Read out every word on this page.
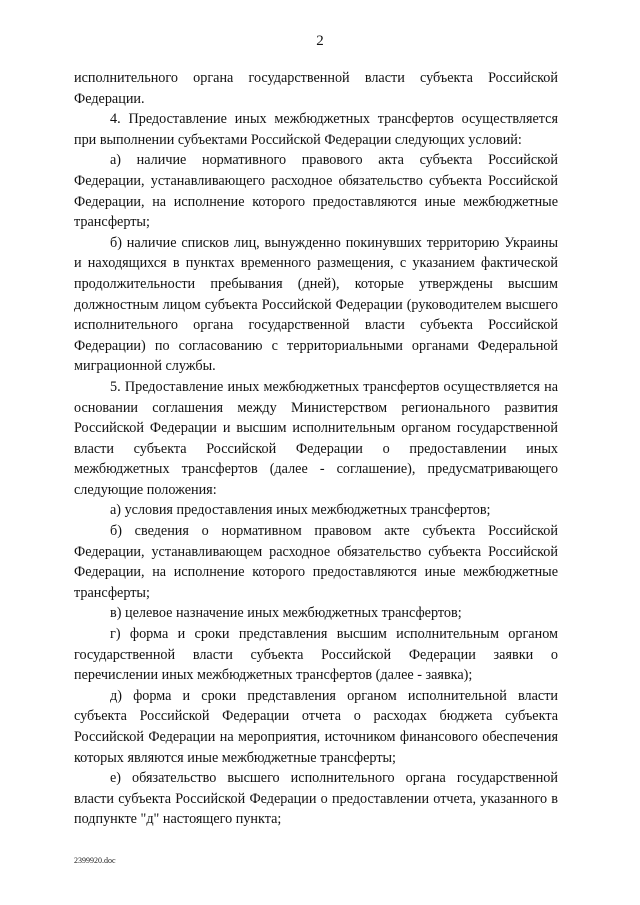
2

исполнительного органа государственной власти субъекта Российской Федерации.

4. Предоставление иных межбюджетных трансфертов осуществляется при выполнении субъектами Российской Федерации следующих условий:

а) наличие нормативного правового акта субъекта Российской Федерации, устанавливающего расходное обязательство субъекта Российской Федерации, на исполнение которого предоставляются иные межбюджетные трансферты;

б) наличие списков лиц, вынужденно покинувших территорию Украины и находящихся в пунктах временного размещения, с указанием фактической продолжительности пребывания (дней), которые утверждены высшим должностным лицом субъекта Российской Федерации (руководителем высшего исполнительного органа государственной власти субъекта Российской Федерации) по согласованию с территориальными органами Федеральной миграционной службы.

5. Предоставление иных межбюджетных трансфертов осуществляется на основании соглашения между Министерством регионального развития Российской Федерации и высшим исполнительным органом государственной власти субъекта Российской Федерации о предоставлении иных межбюджетных трансфертов (далее - соглашение), предусматривающего следующие положения:

а) условия предоставления иных межбюджетных трансфертов;

б) сведения о нормативном правовом акте субъекта Российской Федерации, устанавливающем расходное обязательство субъекта Российской Федерации, на исполнение которого предоставляются иные межбюджетные трансферты;

в) целевое назначение иных межбюджетных трансфертов;

г) форма и сроки представления высшим исполнительным органом государственной власти субъекта Российской Федерации заявки о перечислении иных межбюджетных трансфертов (далее - заявка);

д) форма и сроки представления органом исполнительной власти субъекта Российской Федерации отчета о расходах бюджета субъекта Российской Федерации на мероприятия, источником финансового обеспечения которых являются иные межбюджетные трансферты;

е) обязательство высшего исполнительного органа государственной власти субъекта Российской Федерации о предоставлении отчета, указанного в подпункте "д" настоящего пункта;

2399920.doc
